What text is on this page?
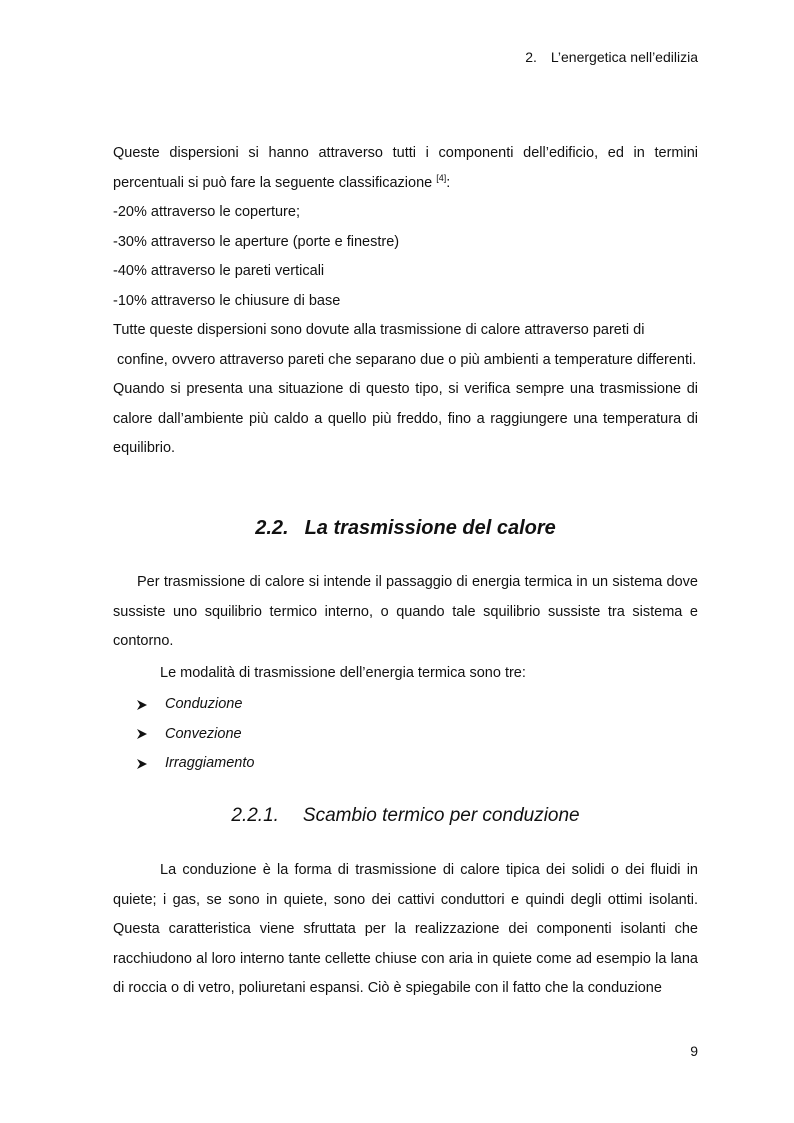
2. L’energetica nell’edilizia

Queste dispersioni si hanno attraverso tutti i componenti dell’edificio, ed in termini percentuali si può fare la seguente classificazione [4]:

-20% attraverso le coperture;

-30% attraverso le aperture (porte e finestre)

-40% attraverso le pareti verticali

-10% attraverso le chiusure di base

Tutte queste dispersioni sono dovute alla trasmissione di calore attraverso pareti di

confine, ovvero attraverso pareti che separano due o più ambienti a temperature differenti.

Quando si presenta una situazione di questo tipo, si verifica sempre una trasmissione di calore dall’ambiente più caldo a quello più freddo, fino a raggiungere una temperatura di equilibrio.

2.2. La trasmissione del calore

Per trasmissione di calore si intende il passaggio di energia termica in un sistema dove sussiste uno squilibrio termico interno, o quando tale squilibrio sussiste tra sistema e contorno.

Le modalità di trasmissione dell’energia termica sono tre:

Conduzione
Convezione
Irraggiamento
2.2.1. Scambio termico per conduzione

La conduzione è la forma di trasmissione di calore tipica dei solidi o dei fluidi in quiete; i gas, se sono in quiete, sono dei cattivi conduttori e quindi degli ottimi isolanti. Questa caratteristica viene sfruttata per la realizzazione dei componenti isolanti che racchiudono al loro interno tante cellette chiuse con aria in quiete come ad esempio la lana di roccia o di vetro, poliuretani espansi. Ciò è spiegabile con il fatto che la conduzione

9
